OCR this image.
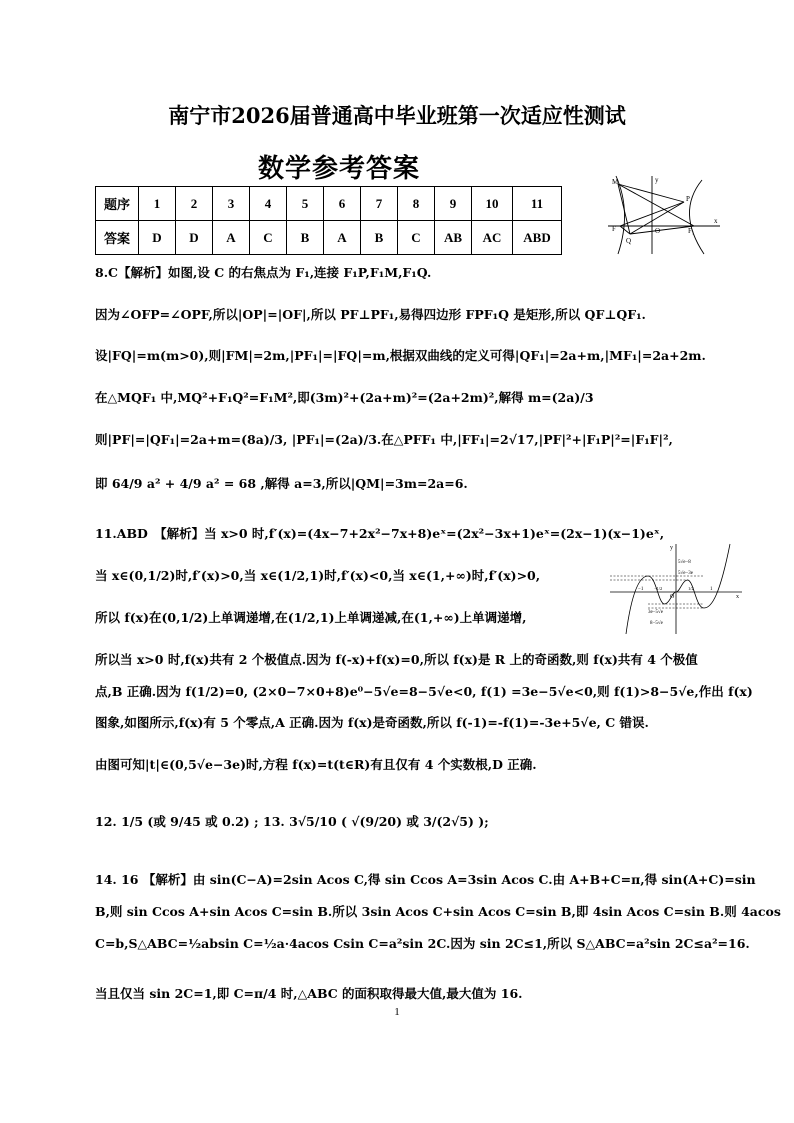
南宁市2026届普通高中毕业班第一次适应性测试
数学参考答案
题序	1	2	3	4	5	6	7	8	9	10	11
答案	D	D	A	C	B	A	B	C	AB	AC	ABD
y
x
M
P
F	O	F₁
Q
y
x
O
−1	1
1/2
−1/2
5√e−8
5√e−3e
3e−5√e
8−5√e
8.C【解析】如图,设 C 的右焦点为 F₁,连接 F₁P,F₁M,F₁Q.
因为∠OFP=∠OPF,所以|OP|=|OF|,所以 PF⊥PF₁,易得四边形 FPF₁Q 是矩形,所以 QF⊥QF₁.
设|FQ|=m(m>0),则|FM|=2m,|PF₁|=|FQ|=m,根据双曲线的定义可得|QF₁|=2a+m,|MF₁|=2a+2m.
在△MQF₁ 中,MQ²+F₁Q²=F₁M²,即(3m)²+(2a+m)²=(2a+2m)²,解得 m=(2a)/3
则|PF|=|QF₁|=2a+m=(8a)/3, |PF₁|=(2a)/3.在△PFF₁ 中,|FF₁|=2√17,|PF|²+|F₁P|²=|F₁F|²,
即 64/9 a² + 4/9 a² = 68 ,解得 a=3,所以|QM|=3m=2a=6.
11.ABD　【解析】当 x>0 时,f′(x)=(4x−7+2x²−7x+8)eˣ=(2x²−3x+1)eˣ=(2x−1)(x−1)eˣ,
当 x∈(0,1/2)时,f′(x)>0,当 x∈(1/2,1)时,f′(x)<0,当 x∈(1,+∞)时,f′(x)>0,
所以 f(x)在(0,1/2)上单调递增,在(1/2,1)上单调递减,在(1,+∞)上单调递增,
所以当 x>0 时,f(x)共有 2 个极值点.因为 f(-x)+f(x)=0,所以 f(x)是 R 上的奇函数,则 f(x)共有 4 个极值
点,B 正确.因为 f(1/2)=0, (2×0−7×0+8)e⁰−5√e=8−5√e<0, f(1) =3e−5√e<0,则 f(1)>8−5√e,作出 f(x)
图象,如图所示,f(x)有 5 个零点,A 正确.因为 f(x)是奇函数,所以 f(-1)=-f(1)=-3e+5√e, C 错误.
由图可知|t|∈(0,5√e−3e)时,方程 f(x)=t(t∈R)有且仅有 4 个实数根,D 正确.
12. 1/5 (或 9/45 或 0.2) ; 13. 3√5/10 ( √(9/20) 或 3/(2√5) );
14. 16 【解析】由 sin(C−A)=2sin Acos C,得 sin Ccos A=3sin Acos C.由 A+B+C=π,得 sin(A+C)=sin
B,则 sin Ccos A+sin Acos C=sin B.所以 3sin Acos C+sin Acos C=sin B,即 4sin Acos C=sin B.则 4acos
C=b,S△ABC=½absin C=½a·4acos Csin C=a²sin 2C.因为 sin 2C≤1,所以 S△ABC=a²sin 2C≤a²=16.
当且仅当 sin 2C=1,即 C=π/4 时,△ABC 的面积取得最大值,最大值为 16.
1
